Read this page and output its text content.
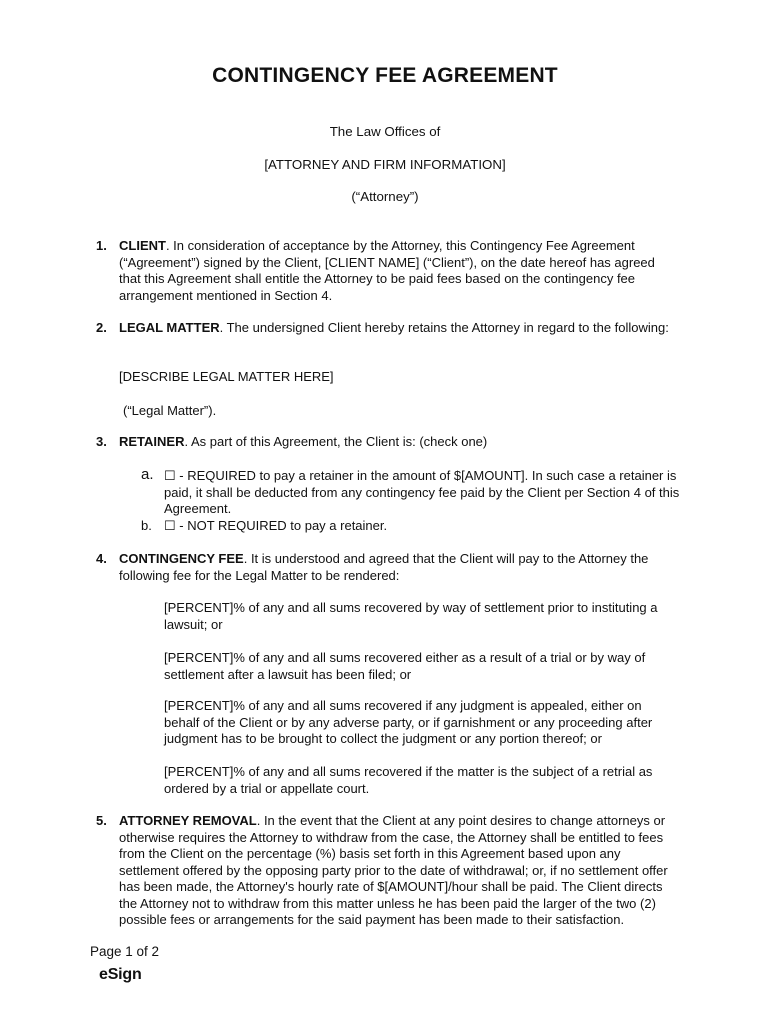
CONTINGENCY FEE AGREEMENT
The Law Offices of
[ATTORNEY AND FIRM INFORMATION]
(“Attorney”)
1. CLIENT. In consideration of acceptance by the Attorney, this Contingency Fee Agreement (“Agreement”) signed by the Client, [CLIENT NAME] (“Client”), on the date hereof has agreed that this Agreement shall entitle the Attorney to be paid fees based on the contingency fee arrangement mentioned in Section 4.
2. LEGAL MATTER. The undersigned Client hereby retains the Attorney in regard to the following:
[DESCRIBE LEGAL MATTER HERE]
(“Legal Matter”).
3. RETAINER. As part of this Agreement, the Client is: (check one)
a. ☐ - REQUIRED to pay a retainer in the amount of $[AMOUNT]. In such case a retainer is paid, it shall be deducted from any contingency fee paid by the Client per Section 4 of this Agreement.
b. ☐ - NOT REQUIRED to pay a retainer.
4. CONTINGENCY FEE. It is understood and agreed that the Client will pay to the Attorney the following fee for the Legal Matter to be rendered:
[PERCENT]% of any and all sums recovered by way of settlement prior to instituting a lawsuit; or
[PERCENT]% of any and all sums recovered either as a result of a trial or by way of settlement after a lawsuit has been filed; or
[PERCENT]% of any and all sums recovered if any judgment is appealed, either on behalf of the Client or by any adverse party, or if garnishment or any proceeding after judgment has to be brought to collect the judgment or any portion thereof; or
[PERCENT]% of any and all sums recovered if the matter is the subject of a retrial as ordered by a trial or appellate court.
5. ATTORNEY REMOVAL. In the event that the Client at any point desires to change attorneys or otherwise requires the Attorney to withdraw from the case, the Attorney shall be entitled to fees from the Client on the percentage (%) basis set forth in this Agreement based upon any settlement offered by the opposing party prior to the date of withdrawal; or, if no settlement offer has been made, the Attorney's hourly rate of $[AMOUNT]/hour shall be paid. The Client directs the Attorney not to withdraw from this matter unless he has been paid the larger of the two (2) possible fees or arrangements for the said payment has been made to their satisfaction.
Page 1 of 2
eSign
